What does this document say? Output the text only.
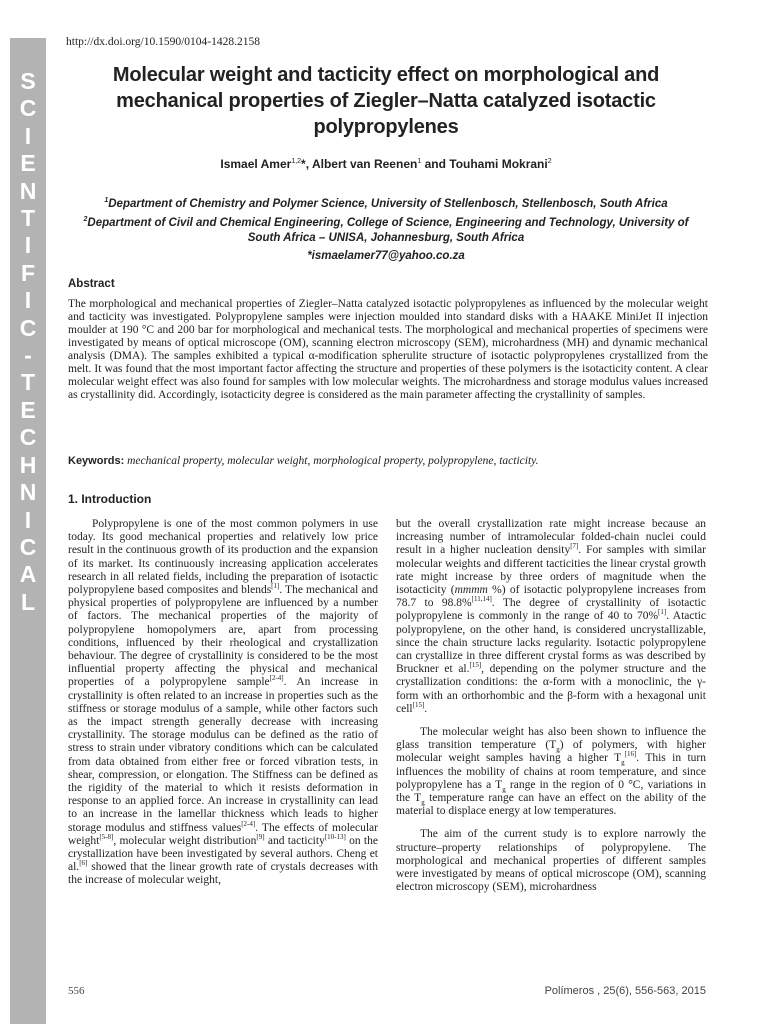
S
C
I
E
N
T
I
F
I
C
-
T
E
C
H
N
I
C
A
L
http://dx.doi.org/10.1590/0104-1428.2158
Molecular weight and tacticity effect on morphological and mechanical properties of Ziegler–Natta catalyzed isotactic polypropylenes
Ismael Amer$^{1,2}$*, Albert van Reenen$^1$ and Touhami Mokrani$^2$
$^1$Department of Chemistry and Polymer Science, University of Stellenbosch, Stellenbosch, South Africa
$^2$Department of Civil and Chemical Engineering, College of Science, Engineering and Technology, University of South Africa – UNISA, Johannesburg, South Africa
*ismaelamer77@yahoo.co.za
Abstract
The morphological and mechanical properties of Ziegler–Natta catalyzed isotactic polypropylenes as influenced by the molecular weight and tacticity was investigated. Polypropylene samples were injection moulded into standard disks with a HAAKE MiniJet II injection moulder at 190 °C and 200 bar for morphological and mechanical tests. The morphological and mechanical properties of specimens were investigated by means of optical microscope (OM), scanning electron microscopy (SEM), microhardness (MH) and dynamic mechanical analysis (DMA). The samples exhibited a typical α-modification spherulite structure of isotactic polypropylenes crystallized from the melt. It was found that the most important factor affecting the structure and properties of these polymers is the isotacticity content. A clear molecular weight effect was also found for samples with low molecular weights. The microhardness and storage modulus values increased as crystallinity did. Accordingly, isotacticity degree is considered as the main parameter affecting the crystallinity of samples.
Keywords: mechanical property, molecular weight, morphological property, polypropylene, tacticity.
1. Introduction

Polypropylene is one of the most common polymers in use today. Its good mechanical properties and relatively low price result in the continuous growth of its production and the expansion of its market. Its continuously increasing application accelerates research in all related fields, including the preparation of isotactic polypropylene based composites and blends[1]. The mechanical and physical properties of polypropylene are influenced by a number of factors. The mechanical properties of the majority of polypropylene homopolymers are, apart from processing conditions, influenced by their rheological and crystallization behaviour. The degree of crystallinity is considered to be the most influential property affecting the physical and mechanical properties of a polypropylene sample[2-4]. An increase in crystallinity is often related to an increase in properties such as the stiffness or storage modulus of a sample, while other factors such as the impact strength generally decrease with increasing crystallinity. The storage modulus can be defined as the ratio of stress to strain under vibratory conditions which can be calculated from data obtained from either free or forced vibration tests, in shear, compression, or elongation. The Stiffness can be defined as the rigidity of the material to which it resists deformation in response to an applied force. An increase in crystallinity can lead to an increase in the lamellar thickness which leads to higher storage modulus and stiffness values[2-4]. The effects of molecular weight[5-8], molecular weight distribution[9] and tacticity[10-13] on the crystallization have been investigated by several authors. Cheng et al.[6] showed that the linear growth rate of crystals decreases with the increase of molecular weight,

but the overall crystallization rate might increase because an increasing number of intramolecular folded-chain nuclei could result in a higher nucleation density[7]. For samples with similar molecular weights and different tacticities the linear crystal growth rate might increase by three orders of magnitude when the isotacticity (mmmm %) of isotactic polypropylene increases from 78.7 to 98.8%[11,14]. The degree of crystallinity of isotactic polypropylene is commonly in the range of 40 to 70%[1]. Atactic polypropylene, on the other hand, is considered uncrystallizable, since the chain structure lacks regularity. Isotactic polypropylene can crystallize in three different crystal forms as was described by Bruckner et al.[15], depending on the polymer structure and the crystallization conditions: the α-form with a monoclinic, the γ-form with an orthorhombic and the β-form with a hexagonal unit cell[15].

The molecular weight has also been shown to influence the glass transition temperature $(T_g)$ of polymers, with higher molecular weight samples having a higher $T_g[16]$. This in turn influences the mobility of chains at room temperature, and since polypropylene has a $T_g$ range in the region of 0 °C, variations in the $T_g$ temperature range can have an effect on the ability of the material to displace energy at low temperatures.

The aim of the current study is to explore narrowly the structure–property relationships of polypropylene. The morphological and mechanical properties of different samples were investigated by means of optical microscope (OM), scanning electron microscopy (SEM), microhardness

556	Polímeros , 25(6), 556-563, 2015
